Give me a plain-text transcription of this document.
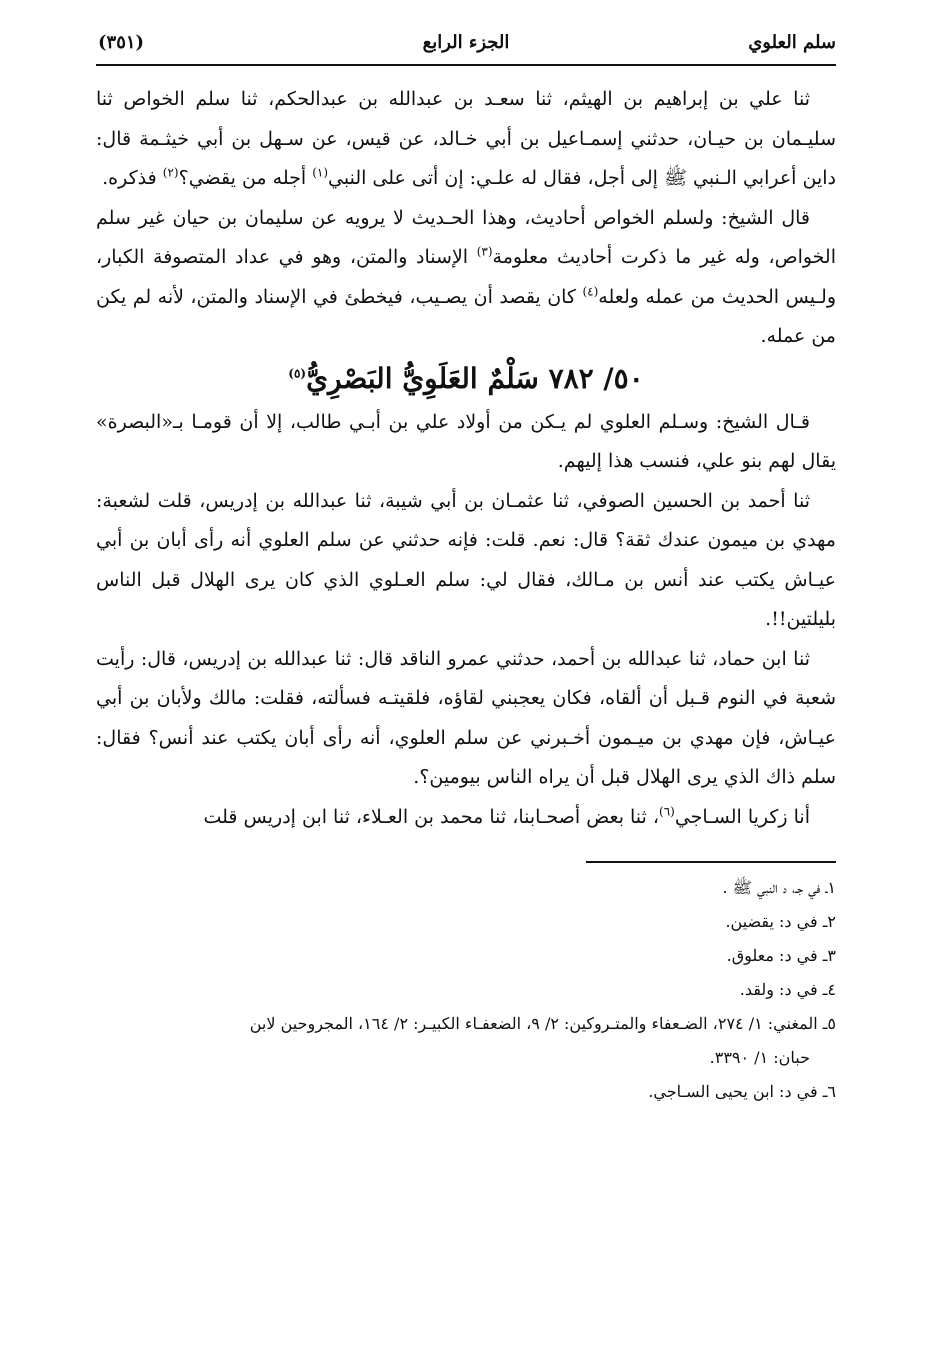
سلم العلوي
الجزء الرابع
(٣٥١)

ثنا علي بن إبراهيم بن الهيثم، ثنا سعـد بن عبدالله بن عبدالحكم، ثنا سلم الخواص ثنا سليـمان بن حيـان، حدثني إسمـاعيل بن أبي خـالد، عن قيس، عن سـهل بن أبي خيثـمة قال: داين أعرابي الـنبي ﷺ إلى أجل، فقال له علـي: إن أتى على النبي$^{(١)}$ أجله من يقضي؟$^{(٢)}$ فذكره.

قال الشيخ: ولسلم الخواص أحاديث، وهذا الحـديث لا يرويه عن سليمان بن حيان غير سلم الخواص، وله غير ما ذكرت أحاديث معلومة$^{(٣)}$ الإسناد والمتن، وهو في عداد المتصوفة الكبار، ولـيس الحديث من عمله ولعله$^{(٤)}$ كان يقصد أن يصـيب، فيخطئ في الإسناد والمتن، لأنه لم يكن من عمله.

٥٠/ ٧٨٢ سَلْمٌ العَلَوِيُّ البَصْرِيُّ$^{(٥)}$

قـال الشيخ: وسـلم العلوي لم يـكن من أولاد علي بن أبـي طالب، إلا أن قومـا بـ«البصرة» يقال لهم بنو علي، فنسب هذا إليهم.

ثنا أحمد بن الحسين الصوفي، ثنا عثمـان بن أبي شيبة، ثنا عبدالله بن إدريس، قلت لشعبة: مهدي بن ميمون عندك ثقة؟ قال: نعم. قلت: فإنه حدثني عن سلم العلوي أنه رأى أبان بن أبي عيـاش يكتب عند أنس بن مـالك، فقال لي: سلم العـلوي الذي كان يرى الهلال قبل الناس بليلتين!!.

ثنا ابن حماد، ثنا عبدالله بن أحمد، حدثني عمرو الناقد قال: ثنا عبدالله بن إدريس، قال: رأيت شعبة في النوم قـبل أن ألقاه، فكان يعجبني لقاؤه، فلقيتـه فسألته، فقلت: مالك ولأبان بن أبي عيـاش، فإن مهدي بن ميـمون أخـبرني عن سلم العلوي، أنه رأى أبان يكتب عند أنس؟ فقال: سلم ذاك الذي يرى الهلال قبل أن يراه الناس بيومين؟.

أنا زكريا السـاجي$^{(٦)}$، ثنا بعض أصحـابنا، ثنا محمد بن العـلاء، ثنا ابن إدريس قلت

١ـ في جـ، د النبي ﷺ .

٢ـ في د: يقضين.

٣ـ في د: معلوق.

٤ـ في د: ولقد.

٥ـ المغني: ١/ ٢٧٤، الضـعفاء والمتـروكين: ٢/ ٩، الضعفـاء الكبيـر: ٢/ ١٦٤، المجروحين لابن
حبان: ١/ ٣٣٩٠.

٦ـ في د: ابن يحيى السـاجي.
